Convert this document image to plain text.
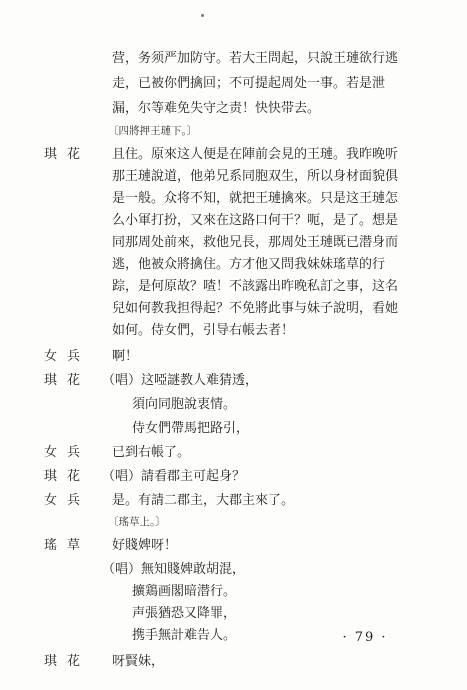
营，务须严加防守。若大王問起，只說王璉欲行逃
走，已被你們擒回；不可提起周处一事。若是泄
漏，尔等难免失守之责！快快带去。
〔四將押王璉下。〕
琪花	且住。原來这人便是在陣前会見的王璉。我昨晚听
那王璉說道，他弟兄系同胞双生，所以身材面貌俱
是一般。众将不知，就把王璉擒來。只是这王璉怎
么小軍打扮，又來在这路口何干？呃，是了。想是
同那周处前來，救他兄長，那周处王璉既已潜身而
逃，他被众將擒住。方才他又問我妹妹瑤草的行
踪，是何原故？喳！不該露出昨晚私訂之事，这名
兒如何教我担得起？不免將此事与妹子說明，看她
如何。侍女們，引导右帳去者！
女兵	啊！
琪花 （唱）这啞謎教人难猜透，
須向同胞說衷情。
侍女們帶馬把路引，
女兵	已到右帳了。
琪花 （唱）請看郡主可起身？
女兵	是。有請二郡主，大郡主來了。
〔瑤草上。〕
瑤草	好賤婢呀！
（唱）無知賤婢敢胡混，
擴鶏画閣暗潜行。
声張猶恐又降罪，
携手無計难告人。
琪花	呀賢妹，
· 79 ·
